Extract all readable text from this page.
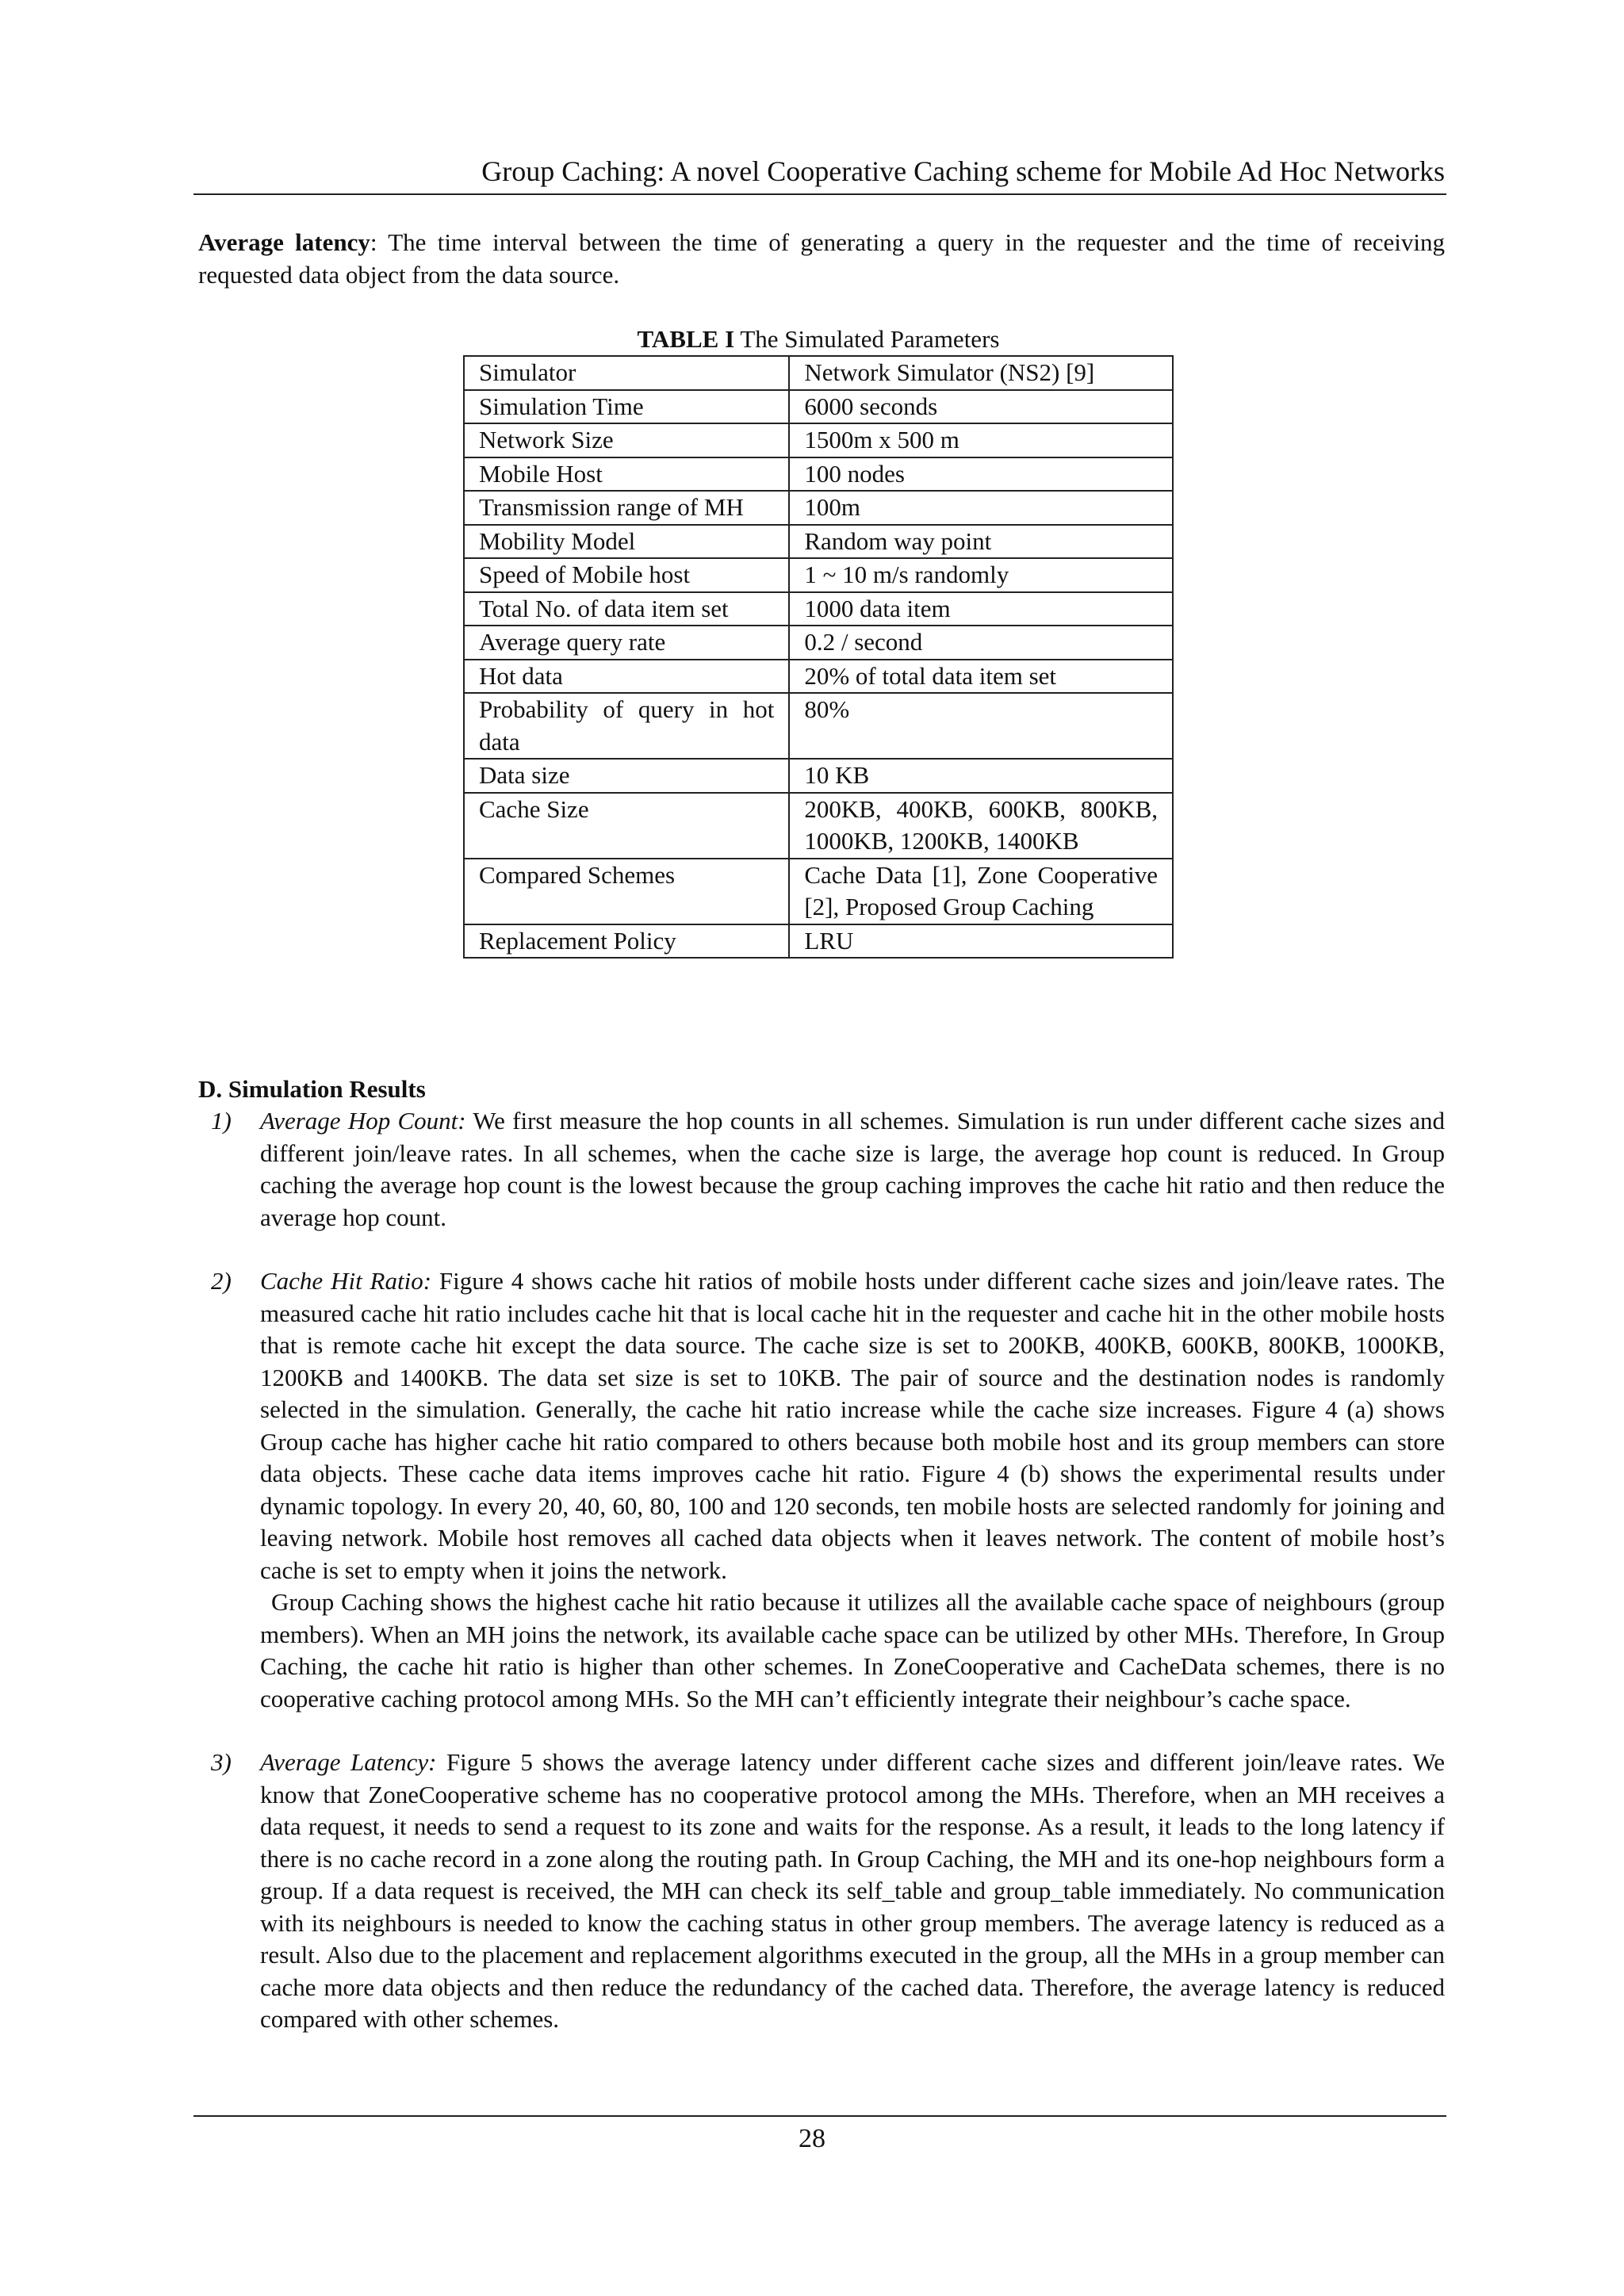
Group Caching: A novel Cooperative Caching scheme for Mobile Ad Hoc Networks

Average latency: The time interval between the time of generating a query in the requester and the time of receiving requested data object from the data source.

TABLE I The Simulated Parameters
Simulator	Network Simulator (NS2) [9]
Simulation Time	6000 seconds
Network Size	1500m x 500 m
Mobile Host	100 nodes
Transmission range of MH	100m
Mobility Model	Random way point
Speed of Mobile host	1 ~ 10 m/s randomly
Total No. of data item set	1000 data item
Average query rate	0.2 / second
Hot data	20% of total data item set
Probability of query in hot data	80%
Data size	10 KB
Cache Size	200KB, 400KB, 600KB, 800KB, 1000KB, 1200KB, 1400KB
Compared Schemes	Cache Data [1], Zone Cooperative [2], Proposed Group Caching
Replacement Policy	LRU
D. Simulation Results
1) Average Hop Count: We first measure the hop counts in all schemes. Simulation is run under different cache sizes and different join/leave rates. In all schemes, when the cache size is large, the average hop count is reduced. In Group caching the average hop count is the lowest because the group caching improves the cache hit ratio and then reduce the average hop count.

2) Cache Hit Ratio: Figure 4 shows cache hit ratios of mobile hosts under different cache sizes and join/leave rates. The measured cache hit ratio includes cache hit that is local cache hit in the requester and cache hit in the other mobile hosts that is remote cache hit except the data source. The cache size is set to 200KB, 400KB, 600KB, 800KB, 1000KB, 1200KB and 1400KB. The data set size is set to 10KB. The pair of source and the destination nodes is randomly selected in the simulation. Generally, the cache hit ratio increase while the cache size increases. Figure 4 (a) shows Group cache has higher cache hit ratio compared to others because both mobile host and its group members can store data objects. These cache data items improves cache hit ratio. Figure 4 (b) shows the experimental results under dynamic topology. In every 20, 40, 60, 80, 100 and 120 seconds, ten mobile hosts are selected randomly for joining and leaving network. Mobile host removes all cached data objects when it leaves network. The content of mobile host’s cache is set to empty when it joins the network.

Group Caching shows the highest cache hit ratio because it utilizes all the available cache space of neighbours (group members). When an MH joins the network, its available cache space can be utilized by other MHs. Therefore, In Group Caching, the cache hit ratio is higher than other schemes. In ZoneCooperative and CacheData schemes, there is no cooperative caching protocol among MHs. So the MH can’t efficiently integrate their neighbour’s cache space.

3) Average Latency: Figure 5 shows the average latency under different cache sizes and different join/leave rates. We know that ZoneCooperative scheme has no cooperative protocol among the MHs. Therefore, when an MH receives a data request, it needs to send a request to its zone and waits for the response. As a result, it leads to the long latency if there is no cache record in a zone along the routing path. In Group Caching, the MH and its one-hop neighbours form a group. If a data request is received, the MH can check its self_table and group_table immediately. No communication with its neighbours is needed to know the caching status in other group members. The average latency is reduced as a result. Also due to the placement and replacement algorithms executed in the group, all the MHs in a group member can cache more data objects and then reduce the redundancy of the cached data. Therefore, the average latency is reduced compared with other schemes.

28
